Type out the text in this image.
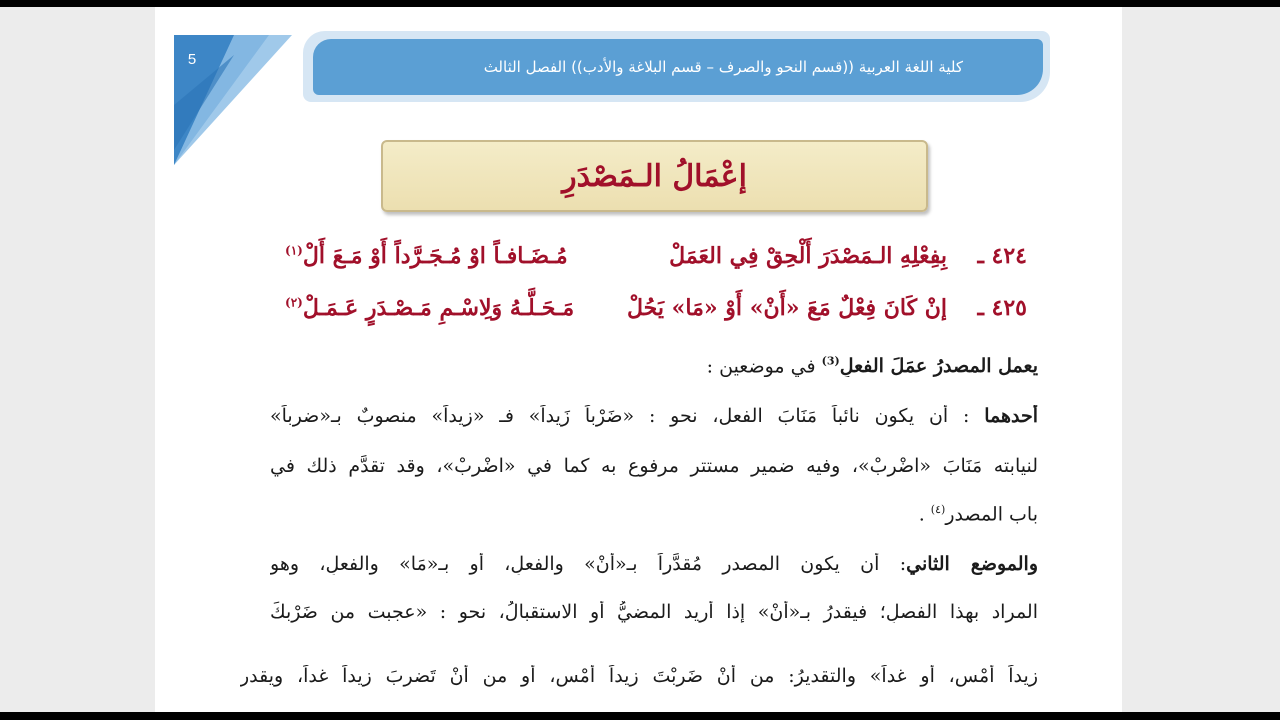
5	كلية اللغة العربية ((قسم النحو والصرف – قسم البلاغة والأدب)) الفصل الثالث
إعْمَالُ الـمَصْدَرِ
٤٢٤ ـ
بِفِعْلِهِ الـمَصْدَرَ أَلْحِقْ فِي العَمَلْ
مُـضَـافـاً اوْ مُـجَـرَّداً أَوْ مَـعَ أَلْ$^{(١)}$
٤٢٥ ـ
إنْ كَانَ فِعْلٌ مَعَ «أَنْ» أَوْ «مَا» يَحُلْ
مَـحَـلَّـهُ وَلِاسْـمِ مَـصْـدَرٍ عَـمَـلْ$^{(٢)}$
يعمل المصدرُ عمَلَ الفعلِ$^{(3)}$ في موضعين :
أحدهما : أن يكون نائباً مَنَابَ الفعل، نحو : «ضَرْباً زَيداً» فـ «زيداً» منصوبٌ بـ«ضرباً»
لنيابته مَنَابَ «اضْرِبْ»، وفيه ضمير مستتر مرفوع به كما في «اضْرِبْ»، وقد تقدَّم ذلك في
باب المصدر$^{(٤)}$ .
والموضع الثاني: أن يكون المصدر مُقدَّراً بـ«أَنْ» والفعلِ، أو بـ«مَا» والفعلِ، وهو
المراد بهذا الفصلِ؛ فيقدرُ بـ«أَنْ» إذا أريد المضيُّ أو الاستقبالُ، نحو : «عجبت من ضَرْبكَ
زيداً أَمْسِ، أو غداً» والتقديرُ: من أنْ ضَرِبْتَ زيداً أَمْسِ، أو من أنْ تَضرِبَ زيداً غداً، ويقدر
